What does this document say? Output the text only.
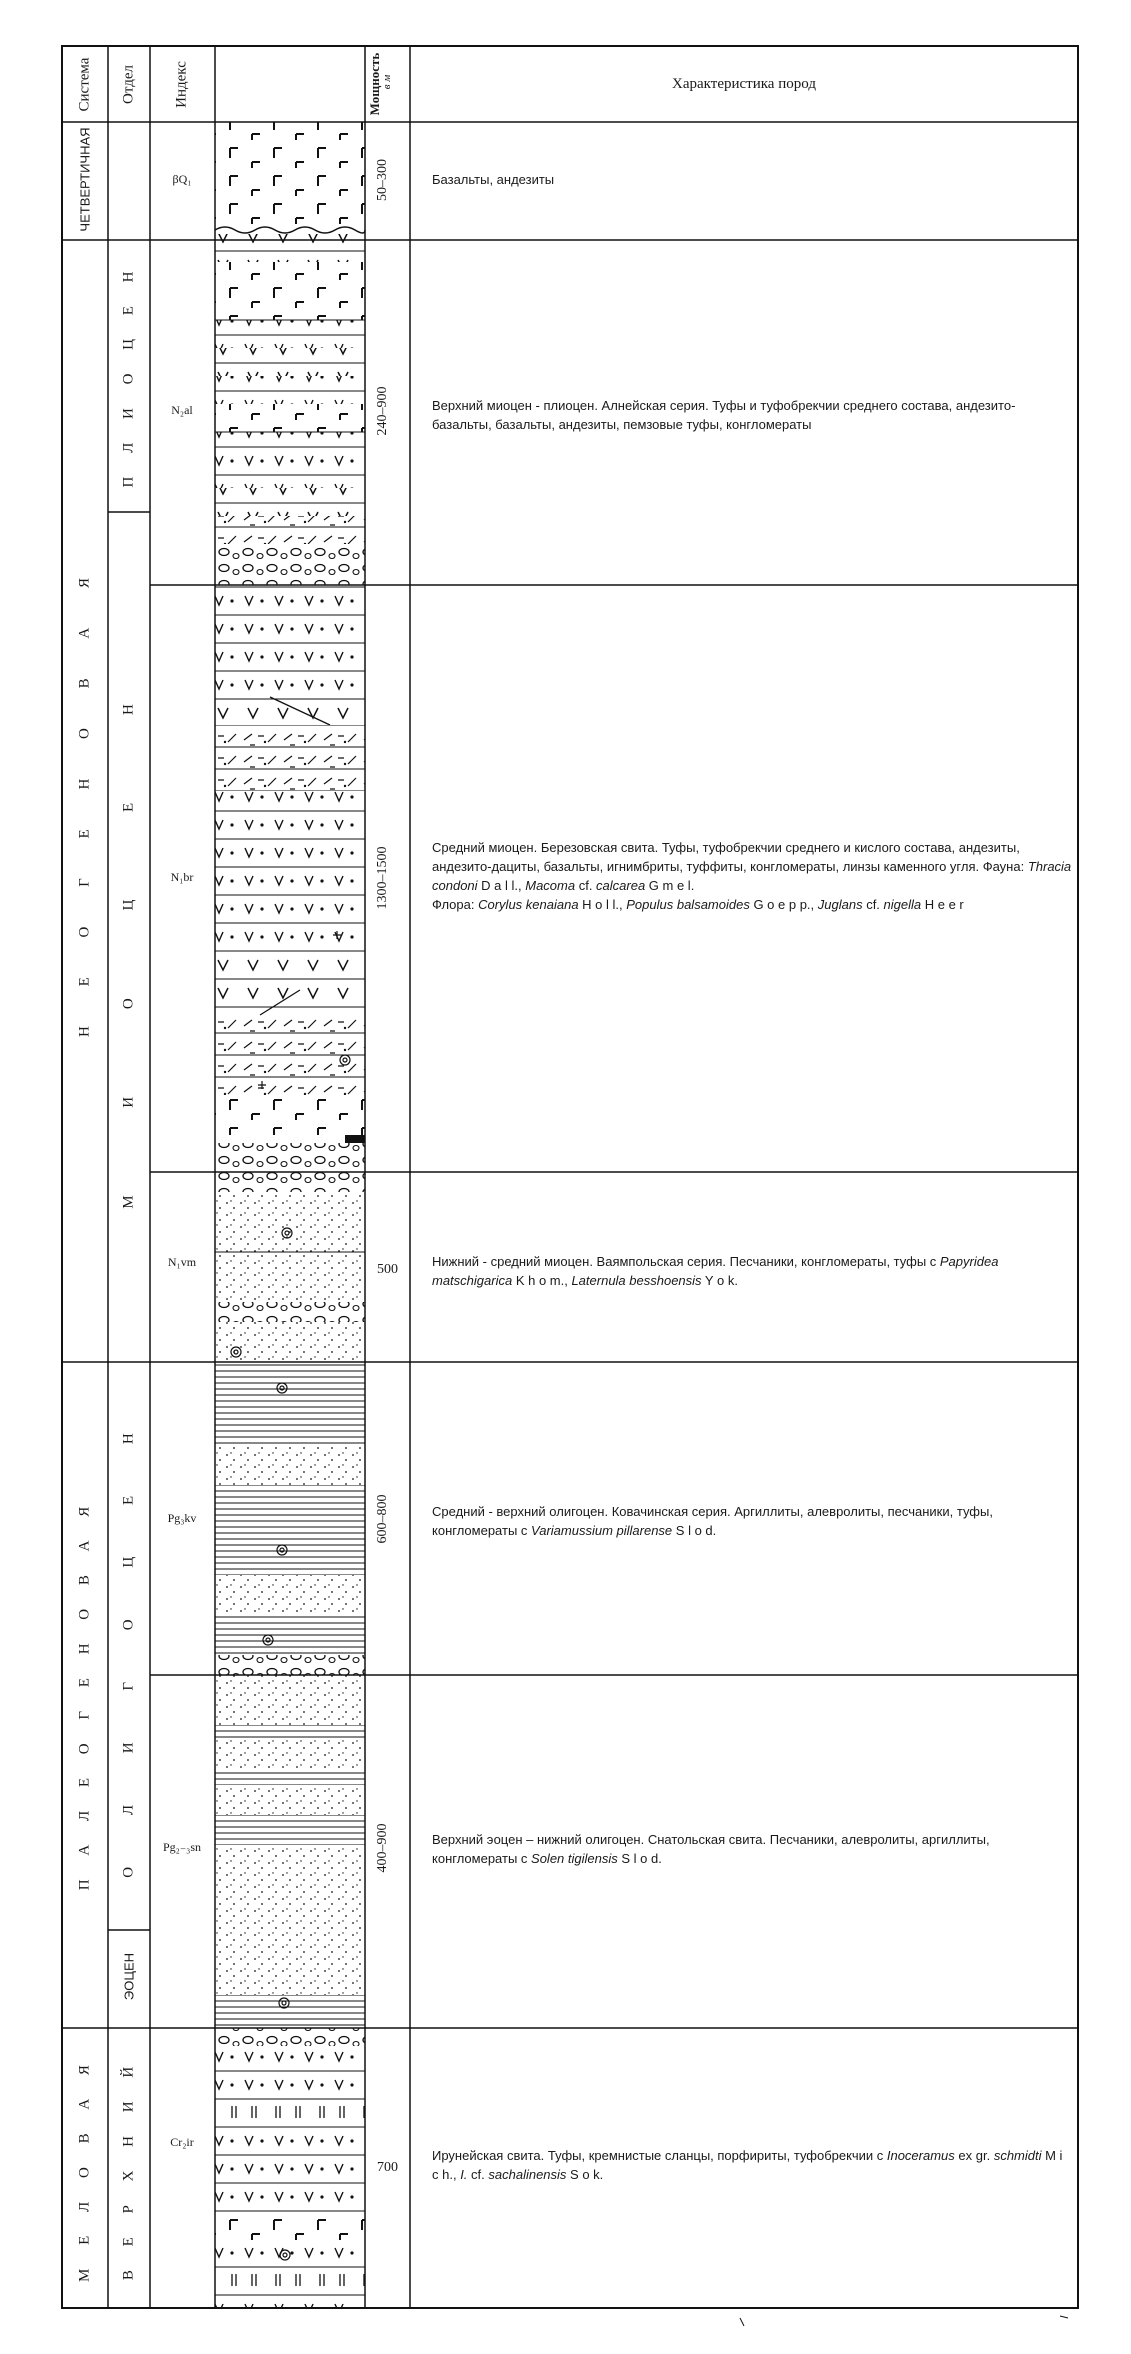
Система Отдел Индекс	Мощность в м	Характеристика пород
ЧЕТВЕРТИЧНАЯ
Н Е О Г Е Н О В А Я
П А Л Е О Г Е Н О В А Я
М Е Л О В А Я
П Л И О Ц Е Н
М И О Ц Е Н
О Л И Г О Ц Е Н
ЭОЦЕН
В Е Р Х Н И Й
βQ₁
N₂al
N₁br
N₁vm
Pg₃kv
Pg₂₋₃sn
Cr₂ir
50–300
240–900
1300–1500
500
600–800
400–900
700
Базальты, андезиты
Верхний миоцен - плиоцен. Алнейская серия. Туфы и туфобрекчии среднего состава, андезито-базальты, базальты, андезиты, пемзовые туфы, конгломераты
Средний миоцен. Березовская свита. Туфы, туфобрекчии среднего и кислого состава, андезиты, андезито-дациты, базальты, игнимбриты, туффиты, конгломераты, линзы каменного угля. Фауна: Thracia condoni D a l l., Macoma cf. calcarea G m e l.
Флора: Corylus kenaiana H o l l., Populus balsamoides G o e p p., Juglans cf. nigella H e e r
Нижний - средний миоцен. Ваямпольская серия. Песчаники, конгломераты, туфы с Papyridea matschigarica K h o m., Laternula besshoensis Y o k.
Средний - верхний олигоцен. Ковачинская серия. Аргиллиты, алевролиты, песчаники, туфы, конгломераты с Variamussium pillarense S l o d.
Верхний эоцен – нижний олигоцен. Снатольская свита. Песчаники, алевролиты, аргиллиты, конгломераты с Solen tigilensis S l o d.
Ирунейская свита. Туфы, кремнистые сланцы, порфириты, туфобрекчии с Inoceramus ex gr. schmidti M i c h., I. cf. sachalinensis S o k.
